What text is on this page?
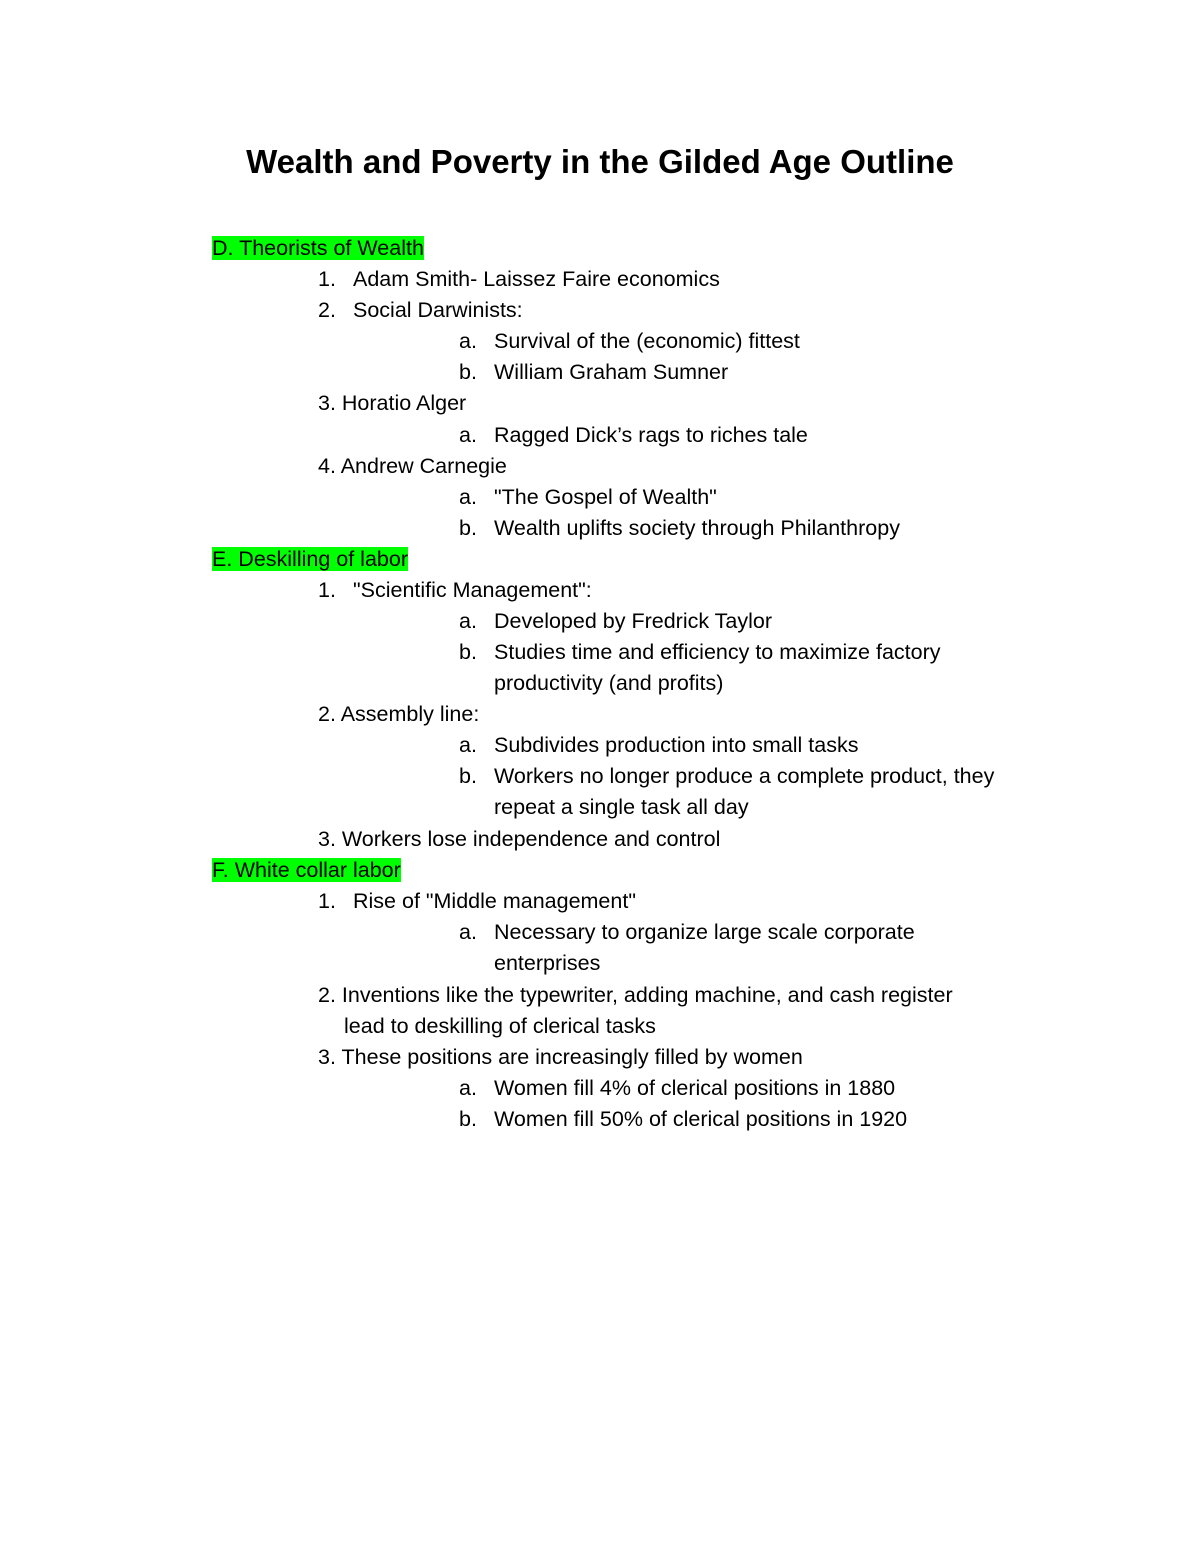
Wealth and Poverty in the Gilded Age Outline
D. Theorists of Wealth
1. Adam Smith- Laissez Faire economics
2. Social Darwinists:
a. Survival of the (economic) fittest
b. William Graham Sumner
3. Horatio Alger
a. Ragged Dick’s rags to riches tale
4. Andrew Carnegie
a. "The Gospel of Wealth"
b. Wealth uplifts society through Philanthropy
E. Deskilling of labor
1. "Scientific Management":
a. Developed by Fredrick Taylor
b. Studies time and efficiency to maximize factory
productivity (and profits)
2. Assembly line:
a. Subdivides production into small tasks
b. Workers no longer produce a complete product, they
repeat a single task all day
3. Workers lose independence and control
F. White collar labor
1. Rise of "Middle management"
a. Necessary to organize large scale corporate
enterprises
2. Inventions like the typewriter, adding machine, and cash register
lead to deskilling of clerical tasks
3. These positions are increasingly filled by women
a. Women fill 4% of clerical positions in 1880
b. Women fill 50% of clerical positions in 1920
